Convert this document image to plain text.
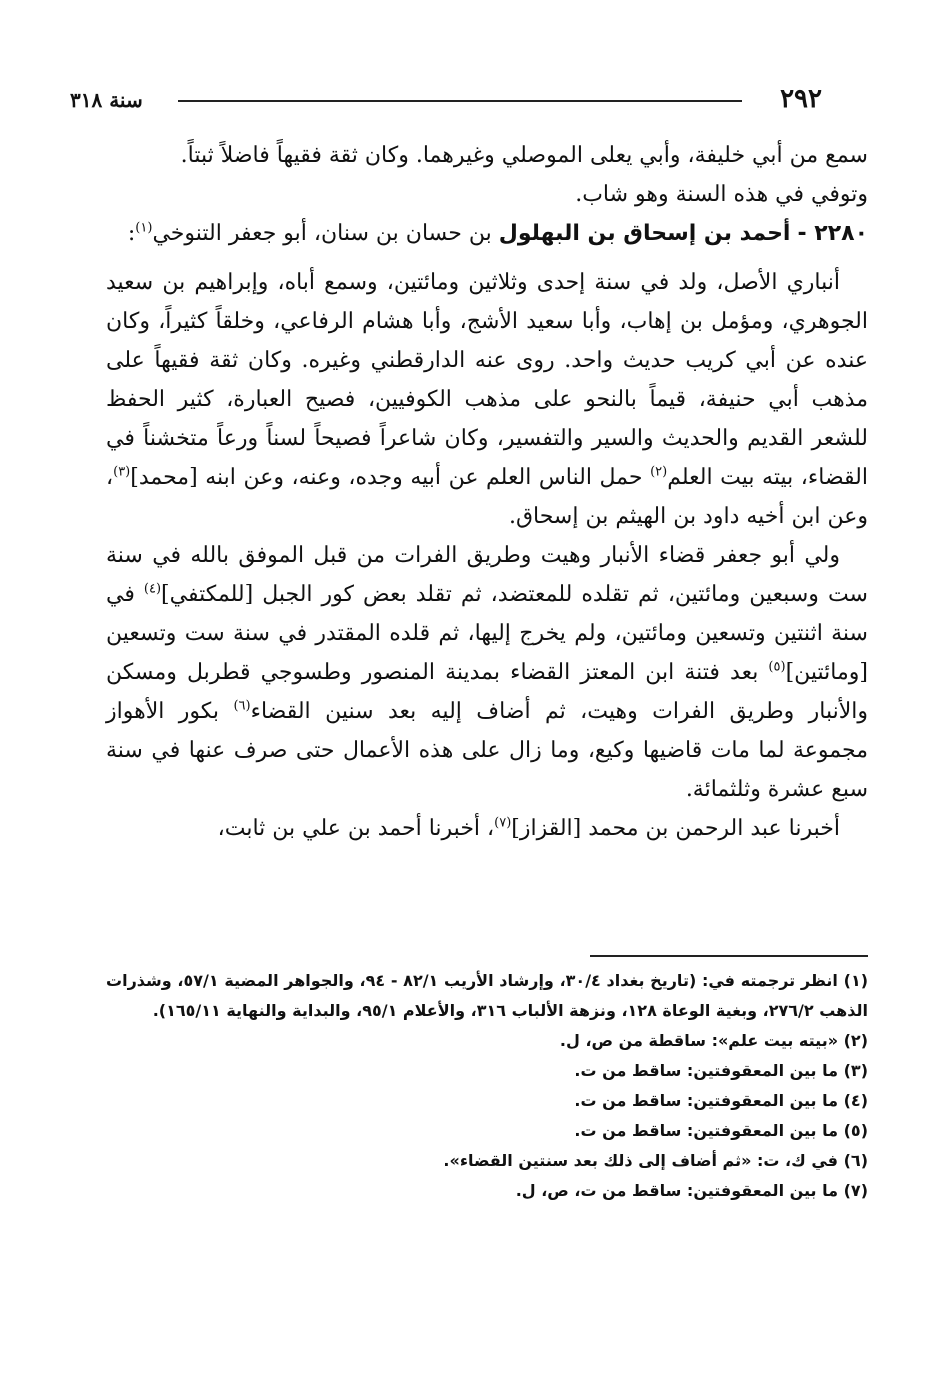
٢٩٢
سنة ٣١٨

سمع من أبي خليفة، وأبي يعلى الموصلي وغيرهما. وكان ثقة فقيهاً فاضلاً ثبتاً.
وتوفي في هذه السنة وهو شاب.

٢٢٨٠ - أحمد بن إسحاق بن البهلول بن حسان بن سنان، أبو جعفر التنوخي$^{(١)}$:

أنباري الأصل، ولد في سنة إحدى وثلاثين ومائتين، وسمع أباه، وإبراهيم بن سعيد الجوهري، ومؤمل بن إهاب، وأبا سعيد الأشج، وأبا هشام الرفاعي، وخلقاً كثيراً، وكان عنده عن أبي كريب حديث واحد. روى عنه الدارقطني وغيره. وكان ثقة فقيهاً على مذهب أبي حنيفة، قيماً بالنحو على مذهب الكوفيين، فصيح العبارة، كثير الحفظ للشعر القديم والحديث والسير والتفسير، وكان شاعراً فصيحاً لسناً ورعاً متخشناً في القضاء، بيته بيت العلم$^{(٢)}$ حمل الناس العلم عن أبيه وجده، وعنه، وعن ابنه [محمد]$^{(٣)}$، وعن ابن أخيه داود بن الهيثم بن إسحاق.

ولي أبو جعفر قضاء الأنبار وهيت وطريق الفرات من قبل الموفق بالله في سنة ست وسبعين ومائتين، ثم تقلده للمعتضد، ثم تقلد بعض كور الجبل [للمكتفي]$^{(٤)}$ في سنة اثنتين وتسعين ومائتين، ولم يخرج إليها، ثم قلده المقتدر في سنة ست وتسعين [ومائتين]$^{(٥)}$ بعد فتنة ابن المعتز القضاء بمدينة المنصور وطسوجي قطربل ومسكن والأنبار وطريق الفرات وهيت، ثم أضاف إليه بعد سنين القضاء$^{(٦)}$ بكور الأهواز مجموعة لما مات قاضيها وكيع، وما زال على هذه الأعمال حتى صرف عنها في سنة سبع عشرة وثلثمائة.

أخبرنا عبد الرحمن بن محمد [القزاز]$^{(٧)}$، أخبرنا أحمد بن علي بن ثابت،

(١) انظر ترجمته في: (تاريخ بغداد ٣٠/٤، وإرشاد الأريب ٨٢/١ - ٩٤، والجواهر المضية ٥٧/١، وشذرات الذهب ٢٧٦/٢، وبغية الوعاة ١٢٨، ونزهة الألباب ٣١٦، والأعلام ٩٥/١، والبداية والنهاية ١٦٥/١١).

(٢) «بيته بيت علم»: ساقطة من ص، ل.

(٣) ما بين المعقوفتين: ساقط من ت.

(٤) ما بين المعقوفتين: ساقط من ت.

(٥) ما بين المعقوفتين: ساقط من ت.

(٦) في ك، ت: «ثم أضاف إلى ذلك بعد سنتين القضاء».

(٧) ما بين المعقوفتين: ساقط من ت، ص، ل.
